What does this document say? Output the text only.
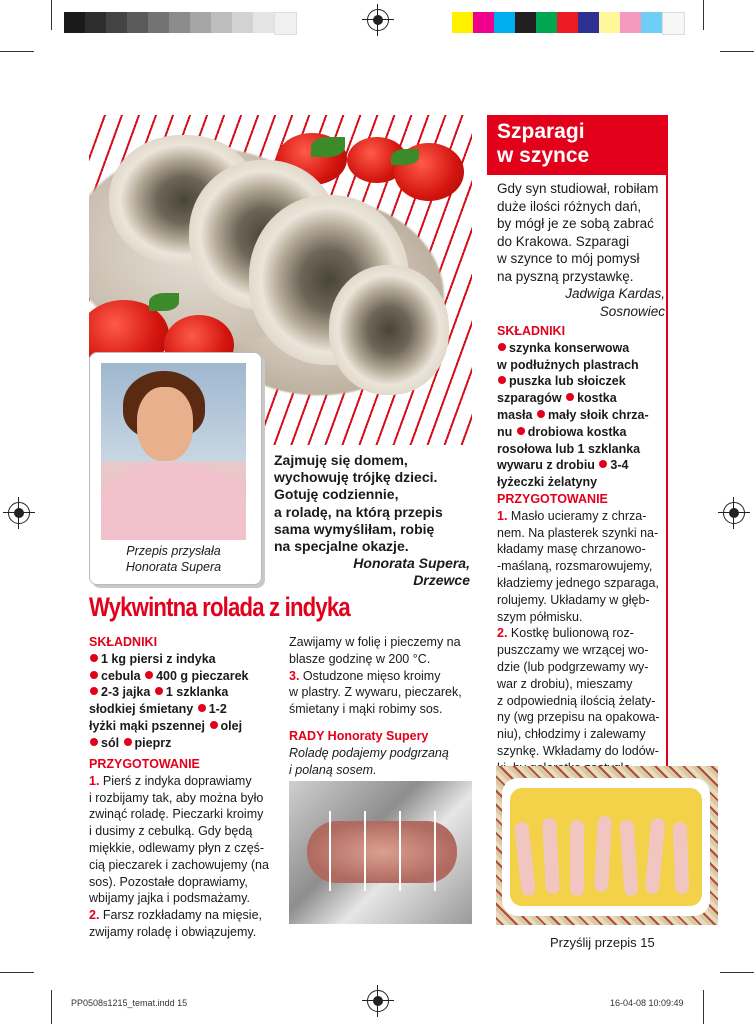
Przepis przysłała
Honorata Supera
Zajmuję się domem,
wychowuję trójkę dzieci.
Gotuję codziennie,
a roladę, na którą przepis
sama wymyśliłam, robię
na specjalne okazje.
Honorata Supera,
Drzewce
Wykwintna rolada z indyka
SKŁADNIKI
1 kg piersi z indyka
cebula 400 g pieczarek
2-3 jajka 1 szklanka
słodkiej śmietany 1-2
łyżki mąki pszennej olej
sól pieprz
PRZYGOTOWANIE
1. Pierś z indyka doprawiamy
i rozbijamy tak, aby można było
zwinąć roladę. Pieczarki kroimy
i dusimy z cebulką. Gdy będą
miękkie, odlewamy płyn z częś-
cią pieczarek i zachowujemy (na
sos). Pozostałe doprawiamy,
wbijamy jajka i podsmażamy.
2. Farsz rozkładamy na mięsie,
zwijamy roladę i obwiązujemy.
Zawijamy w folię i pieczemy na
blasze godzinę w 200 °C.
3. Ostudzone mięso kroimy
w plastry. Z wywaru, pieczarek,
śmietany i mąki robimy sos.
RADY Honoraty Supery
Roladę podajemy podgrzaną
i polaną sosem.
Szparagi
w szynce
Gdy syn studiował, robiłam
duże ilości różnych dań,
by mógł je ze sobą zabrać
do Krakowa. Szparagi
w szynce to mój pomysł
na pyszną przystawkę.
Jadwiga Kardas,
Sosnowiec
SKŁADNIKI
szynka konserwowa
w podłużnych plastrach
puszka lub słoiczek
szparagów kostka
masła mały słoik chrza-
nu drobiowa kostka
rosołowa lub 1 szklanka
wywaru z drobiu 3-4
łyżeczki żelatyny
PRZYGOTOWANIE
1. Masło ucieramy z chrza-
nem. Na plasterek szynki na-
kładamy masę chrzanowo-
-maślaną, rozsmarowujemy,
kładziemy jednego szparaga,
rolujemy. Układamy w głęb-
szym półmisku.
2. Kostkę bulionową roz-
puszczamy we wrzącej wo-
dzie (lub podgrzewamy wy-
war z drobiu), mieszamy
z odpowiednią ilością żelaty-
ny (wg przepisu na opakowa-
niu), chłodzimy i zalewamy
szynkę. Wkładamy do lodów-
Przyślij przepis 15
PP0508s1215_temat.indd 15	16-04-08 10:09:49
